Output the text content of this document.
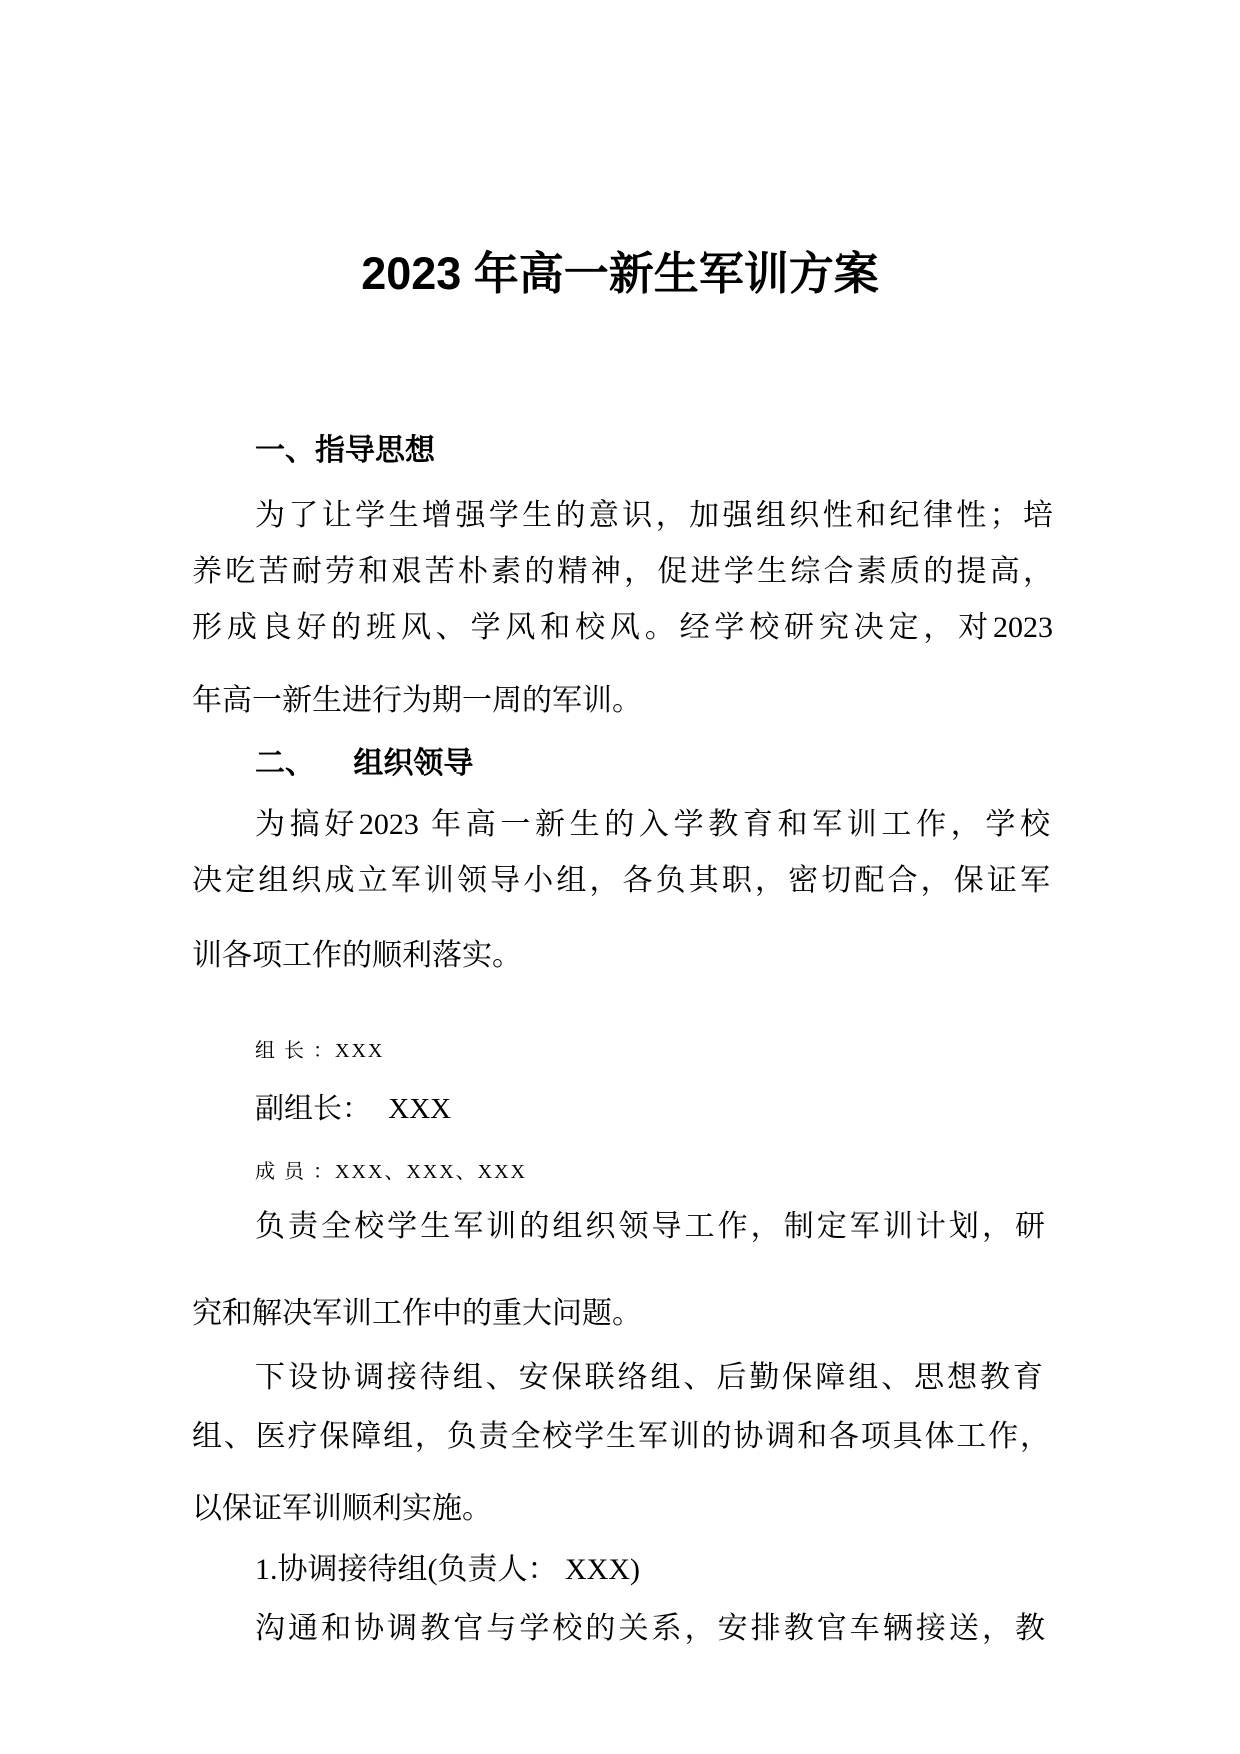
2023 年高一新生军训方案
一、指导思想
为了让学生增强学生的意识，加强组织性和纪律性；培
养吃苦耐劳和艰苦朴素的精神，促进学生综合素质的提高，
形成良好的班风、学风和校风。经学校研究决定，对2023
年高一新生进行为期一周的军训。
二、 组织领导
为搞好2023 年高一新生的入学教育和军训工作，学校
决定组织成立军训领导小组，各负其职，密切配合，保证军
训各项工作的顺利落实。
组 长 ：XXX
副组长： XXX
成 员 ：XXX、XXX、XXX
负责全校学生军训的组织领导工作，制定军训计划，研
究和解决军训工作中的重大问题。
下设协调接待组、安保联络组、后勤保障组、思想教育
组、医疗保障组，负责全校学生军训的协调和各项具体工作，
以保证军训顺利实施。
1.协调接待组(负责人： XXX)
沟通和协调教官与学校的关系，安排教官车辆接送，教
